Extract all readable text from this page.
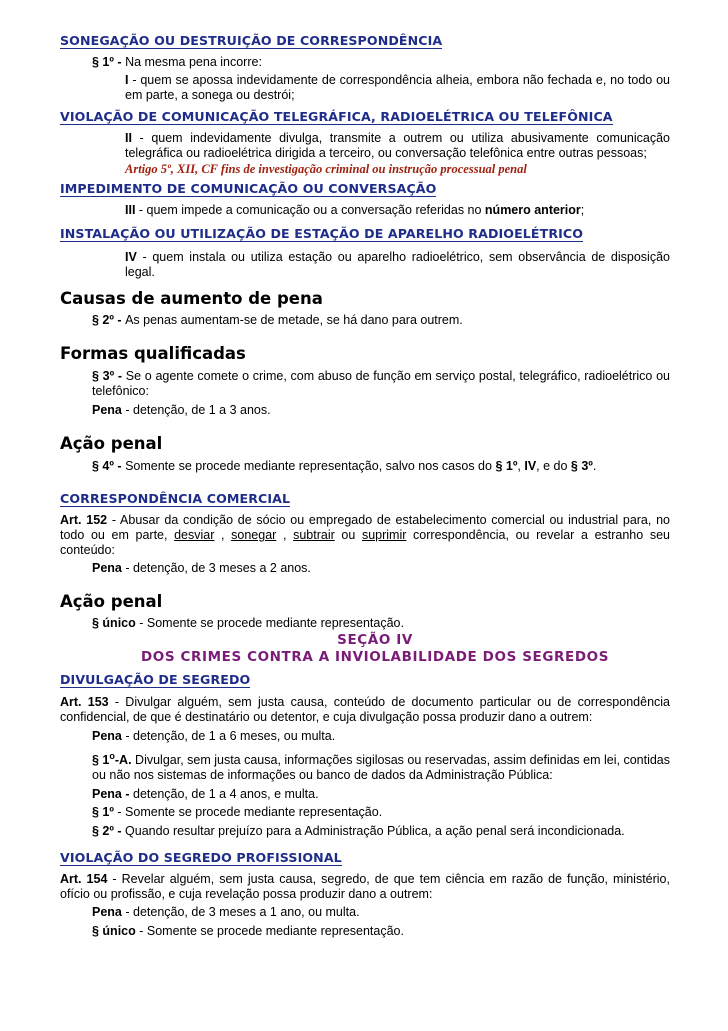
SONEGAÇÃO OU DESTRUIÇÃO DE CORRESPONDÊNCIA

§ 1º - Na mesma pena incorre:

I - quem se apossa indevidamente de correspondência alheia, embora não fechada e, no todo ou em parte, a sonega ou destrói;

VIOLAÇÃO DE COMUNICAÇÃO TELEGRÁFICA, RADIOELÉTRICA OU TELEFÔNICA

II - quem indevidamente divulga, transmite a outrem ou utiliza abusivamente comunicação telegráfica ou radioelétrica dirigida a terceiro, ou conversação telefônica entre outras pessoas;

Artigo 5º, XII, CF fins de investigação criminal ou instrução processual penal

IMPEDIMENTO DE COMUNICAÇÃO OU CONVERSAÇÃO

III - quem impede a comunicação ou a conversação referidas no número anterior;

INSTALAÇÃO OU UTILIZAÇÃO DE ESTAÇÃO DE APARELHO RADIOELÉTRICO

IV - quem instala ou utiliza estação ou aparelho radioelétrico, sem observância de disposição legal.

Causas de aumento de pena

§ 2º - As penas aumentam-se de metade, se há dano para outrem.

Formas qualificadas

§ 3º - Se o agente comete o crime, com abuso de função em serviço postal, telegráfico, radioelétrico ou telefônico:

Pena - detenção, de 1 a 3 anos.

Ação penal

§ 4º - Somente se procede mediante representação, salvo nos casos do § 1º, IV, e do § 3º.

CORRESPONDÊNCIA COMERCIAL

Art. 152 - Abusar da condição de sócio ou empregado de estabelecimento comercial ou industrial para, no todo ou em parte, desviar , sonegar , subtrair ou suprimir correspondência, ou revelar a estranho seu conteúdo:

Pena - detenção, de 3 meses a 2 anos.

Ação penal

§ único - Somente se procede mediante representação.

SEÇÃO IV
DOS CRIMES CONTRA A INVIOLABILIDADE DOS SEGREDOS
DIVULGAÇÃO DE SEGREDO

Art. 153 - Divulgar alguém, sem justa causa, conteúdo de documento particular ou de correspondência confidencial, de que é destinatário ou detentor, e cuja divulgação possa produzir dano a outrem:

Pena - detenção, de 1 a 6 meses, ou multa.

§ 1$^o$-A. Divulgar, sem justa causa, informações sigilosas ou reservadas, assim definidas em lei, contidas ou não nos sistemas de informações ou banco de dados da Administração Pública:

Pena - detenção, de 1 a 4 anos, e multa.

§ 1º - Somente se procede mediante representação.

§ 2º - Quando resultar prejuízo para a Administração Pública, a ação penal será incondicionada.

VIOLAÇÃO DO SEGREDO PROFISSIONAL

Art. 154 - Revelar alguém, sem justa causa, segredo, de que tem ciência em razão de função, ministério, ofício ou profissão, e cuja revelação possa produzir dano a outrem:

Pena - detenção, de 3 meses a 1 ano, ou multa.

§ único - Somente se procede mediante representação.
